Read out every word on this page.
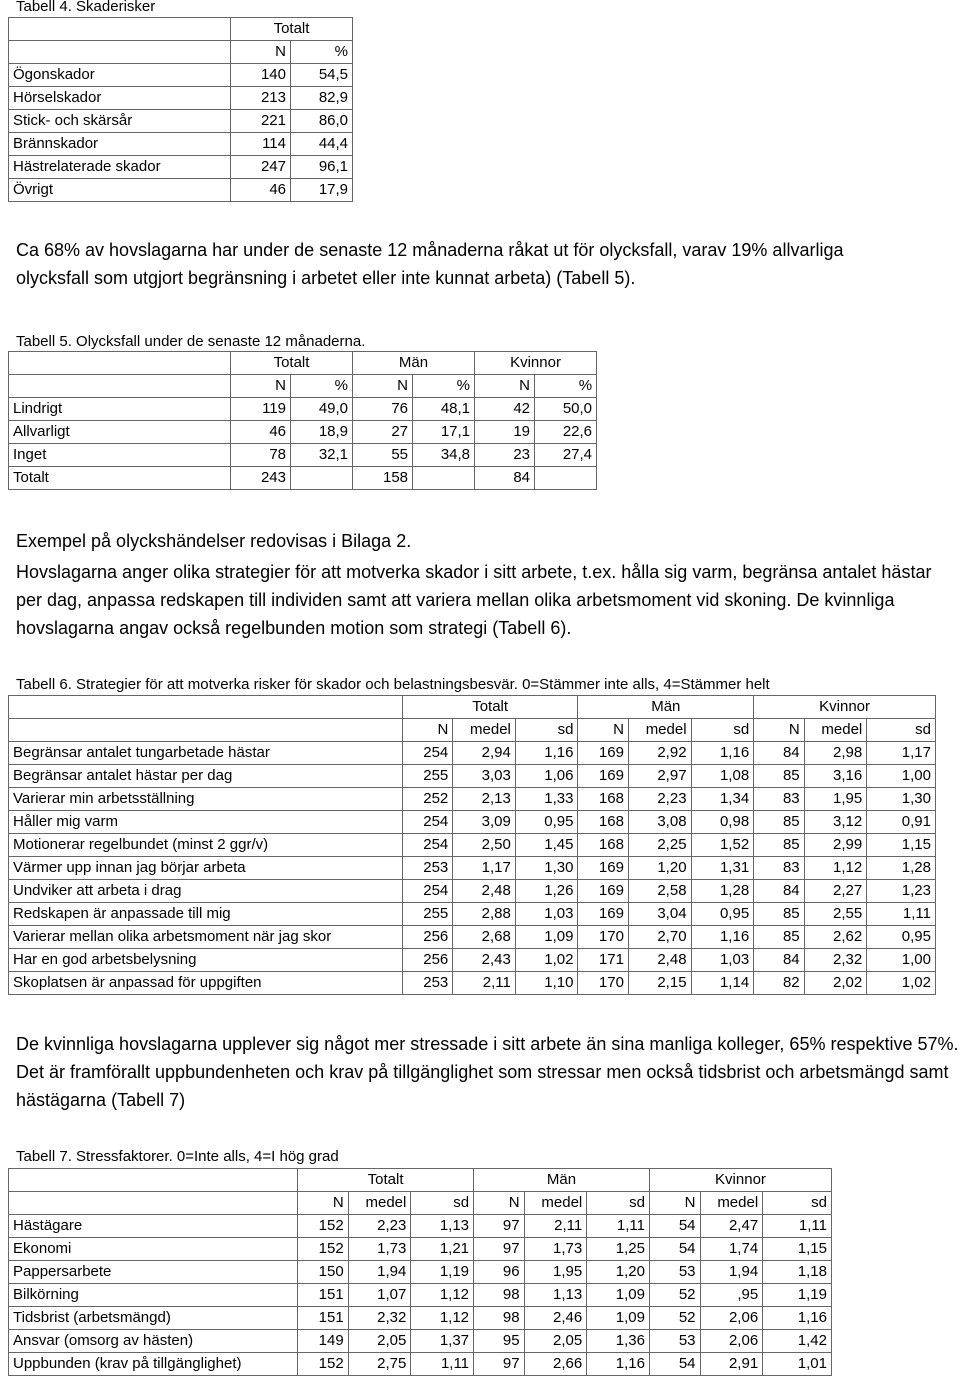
Tabell 4. Skaderisker
	Totalt	
	N	%
Ögonskador	140	54,5
Hörselskador	213	82,9
Stick- och skärsår	221	86,0
Brännskador	114	44,4
Hästrelaterade skador	247	96,1
Övrigt	46	17,9
Ca 68% av hovslagarna har under de senaste 12 månaderna råkat ut för olycksfall, varav 19% allvarliga olycksfall som utgjort begränsning i arbetet eller inte kunnat arbeta) (Tabell 5).
Tabell 5. Olycksfall under de senaste 12 månaderna.
	Totalt		Män		Kvinnor	
	N	%	N	%	N	%
Lindrigt	119	49,0	76	48,1	42	50,0
Allvarligt	46	18,9	27	17,1	19	22,6
Inget	78	32,1	55	34,8	23	27,4
Totalt	243		158		84	
Exempel på olyckshändelser redovisas i Bilaga 2.
Hovslagarna anger olika strategier för att motverka skador i sitt arbete, t.ex. hålla sig varm, begränsa antalet hästar per dag, anpassa redskapen till individen samt att variera mellan olika arbetsmoment vid skoning. De kvinnliga hovslagarna angav också regelbunden motion som strategi (Tabell 6).
Tabell 6. Strategier för att motverka risker för skador och belastningsbesvär. 0=Stämmer inte alls, 4=Stämmer helt
	Totalt			Män			Kvinnor		
	N	medel	sd	N	medel	sd	N	medel	sd
Begränsar antalet tungarbetade hästar	254	2,94	1,16	169	2,92	1,16	84	2,98	1,17
Begränsar antalet hästar per dag	255	3,03	1,06	169	2,97	1,08	85	3,16	1,00
Varierar min arbetsställning	252	2,13	1,33	168	2,23	1,34	83	1,95	1,30
Håller mig varm	254	3,09	0,95	168	3,08	0,98	85	3,12	0,91
Motionerar regelbundet (minst 2 ggr/v)	254	2,50	1,45	168	2,25	1,52	85	2,99	1,15
Värmer upp innan jag börjar arbeta	253	1,17	1,30	169	1,20	1,31	83	1,12	1,28
Undviker att arbeta i drag	254	2,48	1,26	169	2,58	1,28	84	2,27	1,23
Redskapen är anpassade till mig	255	2,88	1,03	169	3,04	0,95	85	2,55	1,11
Varierar mellan olika arbetsmoment när jag skor	256	2,68	1,09	170	2,70	1,16	85	2,62	0,95
Har en god arbetsbelysning	256	2,43	1,02	171	2,48	1,03	84	2,32	1,00
Skoplatsen är anpassad för uppgiften	253	2,11	1,10	170	2,15	1,14	82	2,02	1,02
De kvinnliga hovslagarna upplever sig något mer stressade i sitt arbete än sina manliga kolleger, 65% respektive 57%. Det är framförallt uppbundenheten och krav på tillgänglighet som stressar men också tidsbrist och arbetsmängd samt hästägarna (Tabell 7)
Tabell 7. Stressfaktorer. 0=Inte alls, 4=I hög grad
	Totalt			Män			Kvinnor		
	N	medel	sd	N	medel	sd	N	medel	sd
Hästägare	152	2,23	1,13	97	2,11	1,11	54	2,47	1,11
Ekonomi	152	1,73	1,21	97	1,73	1,25	54	1,74	1,15
Pappersarbete	150	1,94	1,19	96	1,95	1,20	53	1,94	1,18
Bilkörning	151	1,07	1,12	98	1,13	1,09	52	,95	1,19
Tidsbrist (arbetsmängd)	151	2,32	1,12	98	2,46	1,09	52	2,06	1,16
Ansvar (omsorg av hästen)	149	2,05	1,37	95	2,05	1,36	53	2,06	1,42
Uppbunden (krav på tillgänglighet)	152	2,75	1,11	97	2,66	1,16	54	2,91	1,01
